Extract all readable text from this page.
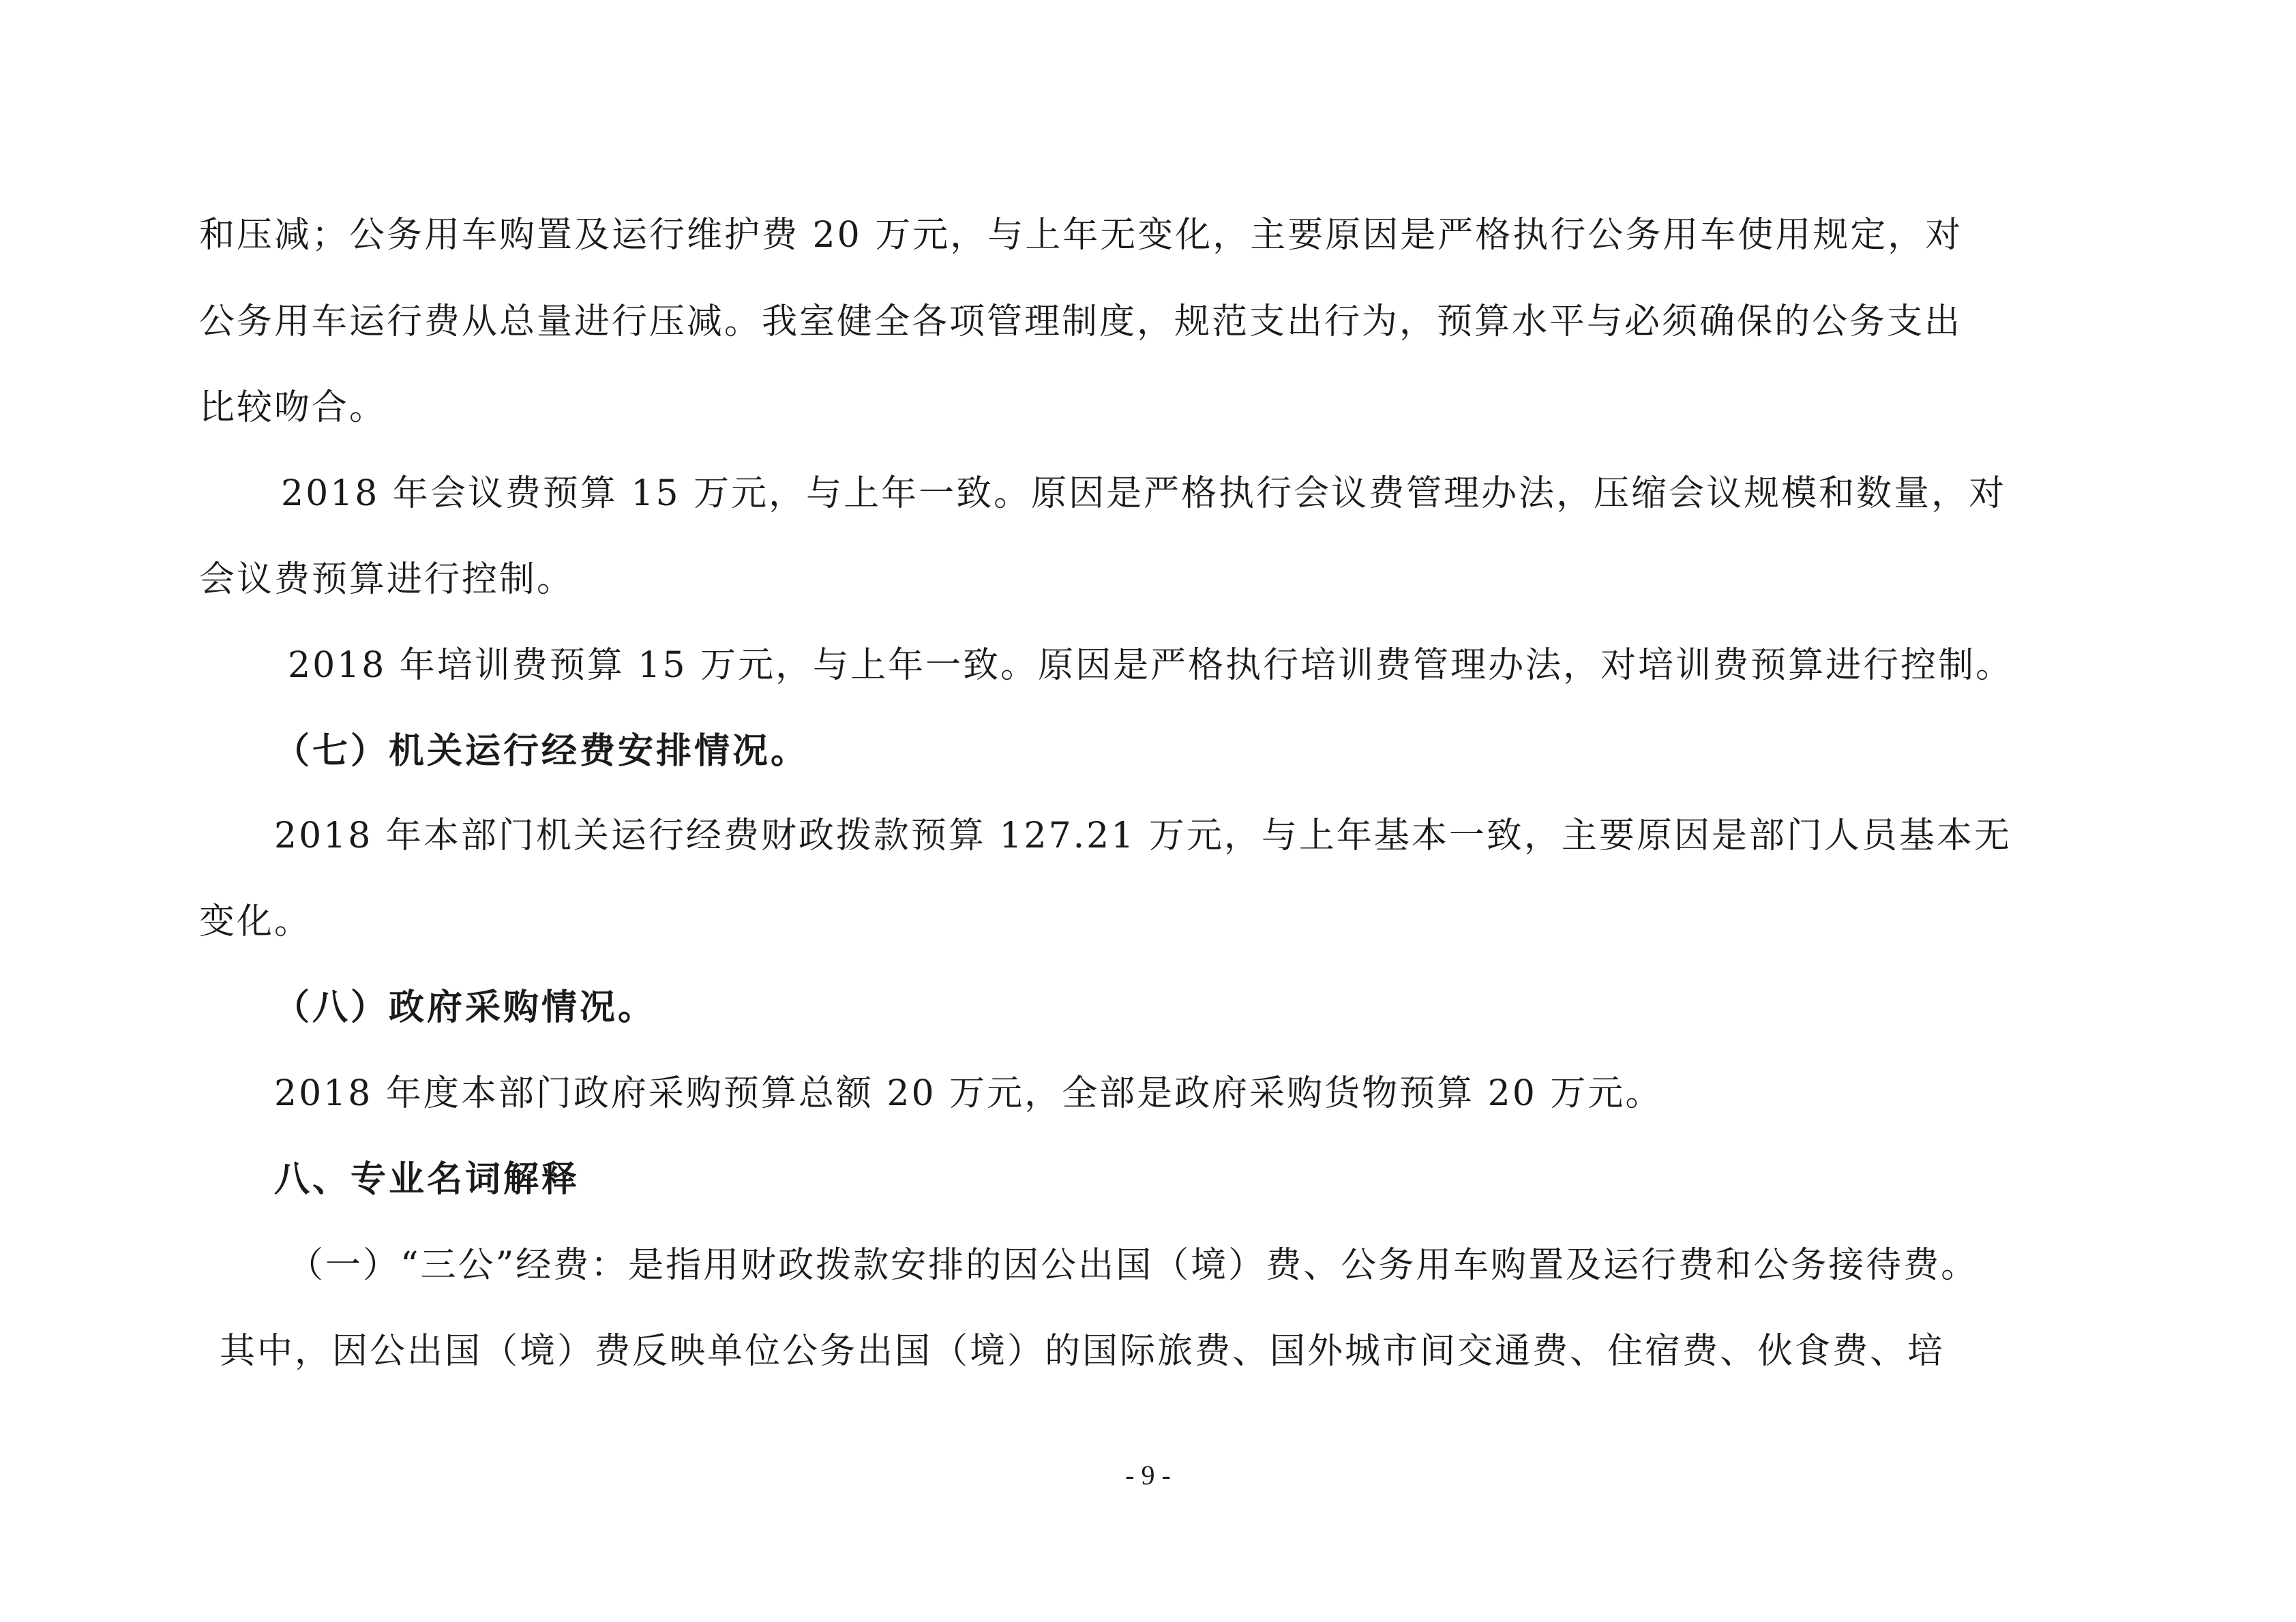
和压减；公务用车购置及运行维护费 20 万元，与上年无变化，主要原因是严格执行公务用车使用规定，对
公务用车运行费从总量进行压减。我室健全各项管理制度，规范支出行为，预算水平与必须确保的公务支出
比较吻合。
2018 年会议费预算 15 万元，与上年一致。原因是严格执行会议费管理办法，压缩会议规模和数量，对
会议费预算进行控制。
2018 年培训费预算 15 万元，与上年一致。原因是严格执行培训费管理办法，对培训费预算进行控制。
（七）机关运行经费安排情况。
2018 年本部门机关运行经费财政拨款预算 127.21 万元，与上年基本一致，主要原因是部门人员基本无
变化。
（八）政府采购情况。
2018 年度本部门政府采购预算总额 20 万元，全部是政府采购货物预算 20 万元。
八、专业名词解释
（一）“三公”经费：是指用财政拨款安排的因公出国（境）费、公务用车购置及运行费和公务接待费。
其中，因公出国（境）费反映单位公务出国（境）的国际旅费、国外城市间交通费、住宿费、伙食费、培
- 9 -
